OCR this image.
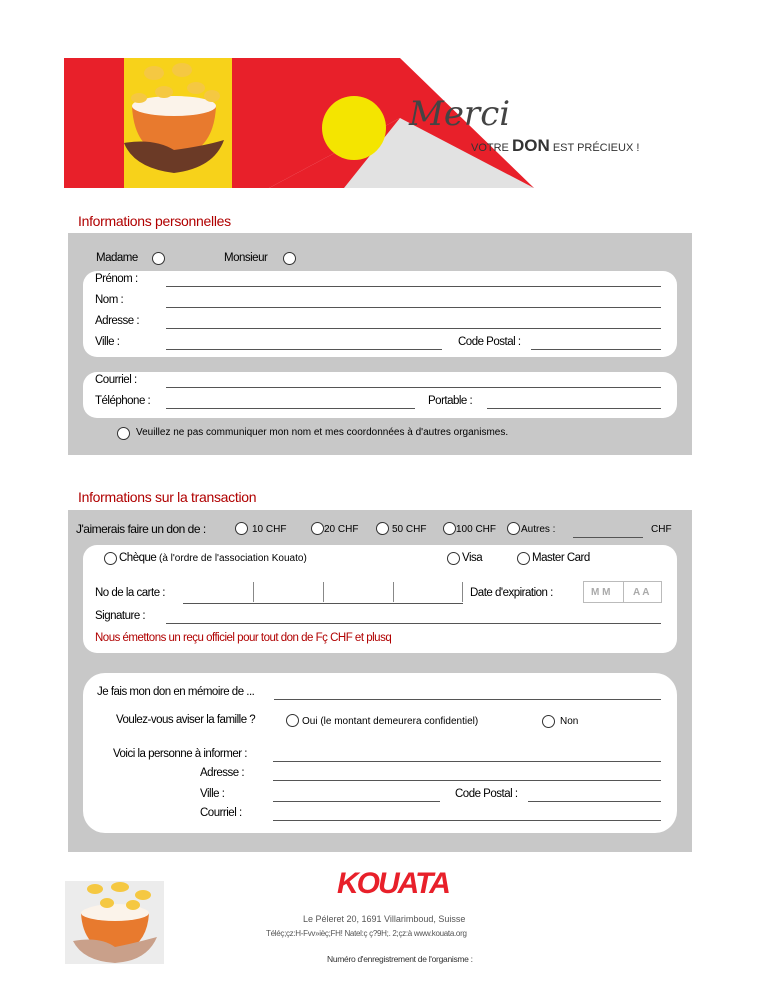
Merci
VOTRE DON EST PRÉCIEUX !
Informations personnelles
Madame	Monsieur
Prénom :
Nom :
Adresse :
Ville :	Code Postal :
Courriel :
Téléphone :	Portable :
Veuillez ne pas communiquer mon nom et mes coordonnées à d'autres organismes.
Informations sur la transaction
J'aimerais faire un don de :	10 CHF	20 CHF	50 CHF	100 CHF Autres :	CHF
Chèque (à l'ordre de l'association Kouato)	Visa	Master Card
No de la carte :	Date d'expiration :	M M A A
Signature :
Nous émettons un reçu officiel pour tout don de Fç CHF et plusq
Je fais mon don en mémoire de ...
Voulez-vous aviser la famille ?	Oui (le montant demeurera confidentiel)	Non
Voici la personne à informer :
Adresse :
Ville :	Code Postal :
Courriel :
KOUATA
Le Péleret 20, 1691 Villarimboud, Suisse
Téléç;çz:H-Fvv»ièç;FH! Natel:ç ç?9H;. 2;çz:à www.kouata.org
Numéro d'enregistrement de l'organisme :
